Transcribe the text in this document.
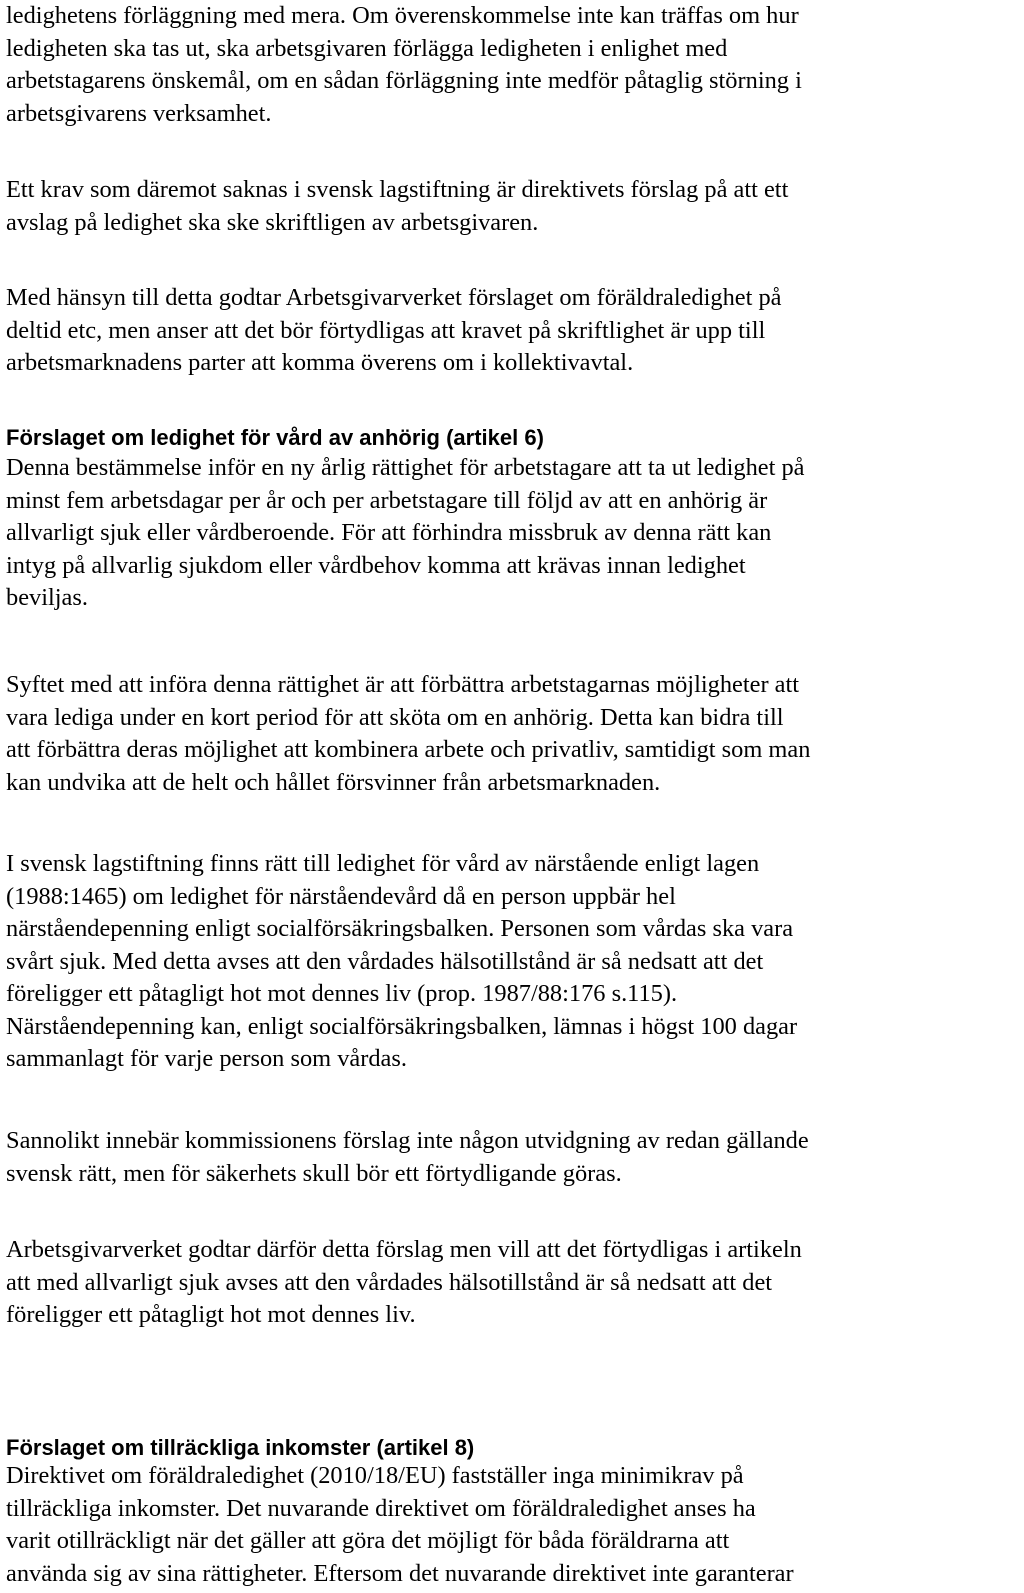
ledighetens förläggning med mera. Om överenskommelse inte kan träffas om hur
ledigheten ska tas ut, ska arbetsgivaren förlägga ledigheten i enlighet med
arbetstagarens önskemål, om en sådan förläggning inte medför påtaglig störning i
arbetsgivarens verksamhet.

Ett krav som däremot saknas i svensk lagstiftning är direktivets förslag på att ett
avslag på ledighet ska ske skriftligen av arbetsgivaren.

Med hänsyn till detta godtar Arbetsgivarverket förslaget om föräldraledighet på
deltid etc, men anser att det bör förtydligas att kravet på skriftlighet är upp till
arbetsmarknadens parter att komma överens om i kollektivavtal.

Förslaget om ledighet för vård av anhörig (artikel 6)

Denna bestämmelse inför en ny årlig rättighet för arbetstagare att ta ut ledighet på
minst fem arbetsdagar per år och per arbetstagare till följd av att en anhörig är
allvarligt sjuk eller vårdberoende. För att förhindra missbruk av denna rätt kan
intyg på allvarlig sjukdom eller vårdbehov komma att krävas innan ledighet
beviljas.

Syftet med att införa denna rättighet är att förbättra arbetstagarnas möjligheter att
vara lediga under en kort period för att sköta om en anhörig. Detta kan bidra till
att förbättra deras möjlighet att kombinera arbete och privatliv, samtidigt som man
kan undvika att de helt och hållet försvinner från arbetsmarknaden.

I svensk lagstiftning finns rätt till ledighet för vård av närstående enligt lagen
(1988:1465) om ledighet för närståendevård då en person uppbär hel
närståendepenning enligt socialförsäkringsbalken. Personen som vårdas ska vara
svårt sjuk. Med detta avses att den vårdades hälsotillstånd är så nedsatt att det
föreligger ett påtagligt hot mot dennes liv (prop. 1987/88:176 s.115).
Närståendepenning kan, enligt socialförsäkringsbalken, lämnas i högst 100 dagar
sammanlagt för varje person som vårdas.

Sannolikt innebär kommissionens förslag inte någon utvidgning av redan gällande
svensk rätt, men för säkerhets skull bör ett förtydligande göras.

Arbetsgivarverket godtar därför detta förslag men vill att det förtydligas i artikeln
att med allvarligt sjuk avses att den vårdades hälsotillstånd är så nedsatt att det
föreligger ett påtagligt hot mot dennes liv.

Förslaget om tillräckliga inkomster (artikel 8)

Direktivet om föräldraledighet (2010/18/EU) fastställer inga minimikrav på
tillräckliga inkomster. Det nuvarande direktivet om föräldraledighet anses ha
varit otillräckligt när det gäller att göra det möjligt för båda föräldrarna att
använda sig av sina rättigheter. Eftersom det nuvarande direktivet inte garanterar
